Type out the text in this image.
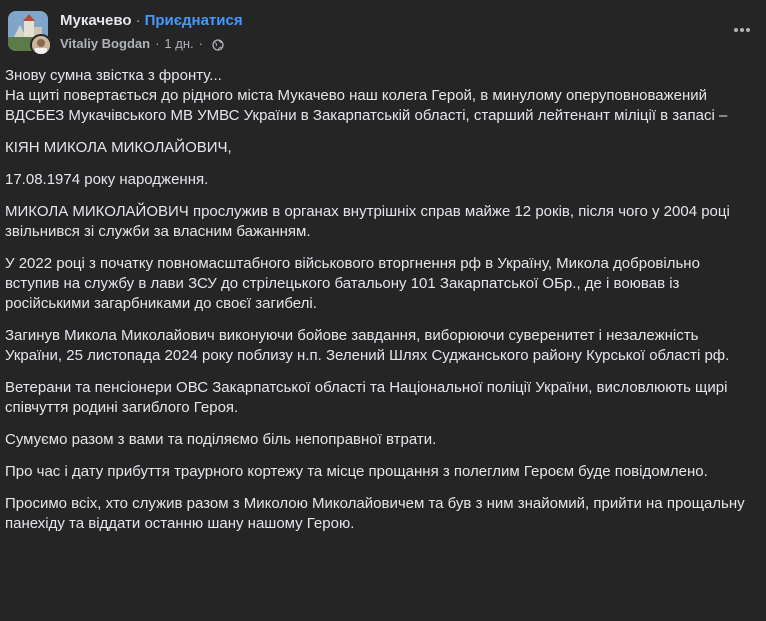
Мукачево · Приєднатися
Vitaliy Bogdan · 1 дн. ·

Знову сумна звістка з фронту...
На щиті повертається до рідного міста Мукачево наш колега Герой, в минулому оперуповноважений ВДСБЕЗ Мукачівського МВ УМВС України в Закарпатській області, старший лейтенант міліції в запасі –

КІЯН МИКОЛА МИКОЛАЙОВИЧ,

17.08.1974 року народження.

МИКОЛА МИКОЛАЙОВИЧ прослужив в органах внутрішніх справ майже 12 років, після чого у 2004 році звільнився зі служби за власним бажанням.

У 2022 році з початку повномасштабного військового вторгнення рф в Україну, Микола добровільно вступив на службу в лави ЗСУ до стрілецького батальону 101 Закарпатської ОБр., де і воював із російськими загарбниками до своєї загибелі.

Загинув Микола Миколайович виконуючи бойове завдання, виборюючи суверенитет і незалежність України, 25 листопада 2024 року поблизу н.п. Зелений Шлях Суджанського району Курської області рф.

Ветерани та пенсіонери ОВС Закарпатської області та Національної поліції України, висловлюють щирі співчуття родині загиблого Героя.

Сумуємо разом з вами та поділяємо біль непоправної втрати.

Про час і дату прибуття траурного кортежу та місце прощання з полеглим Героєм буде повідомлено.

Просимо всіх, хто служив разом з Миколою Миколайовичем та був з ним знайомий, прийти на прощальну панехіду та віддати останню шану нашому Герою.
